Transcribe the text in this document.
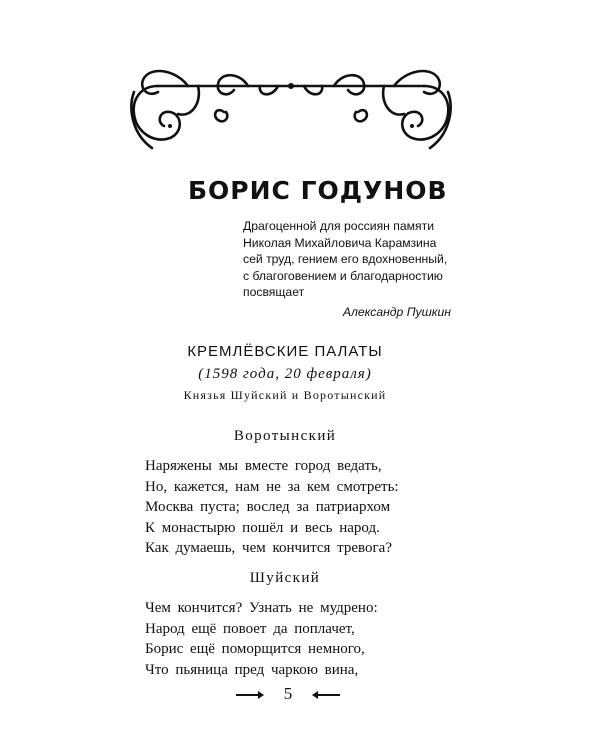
БОРИС ГОДУНОВ
Драгоценной для россиян памяти
Николая Михайловича Карамзина
сей труд, гением его вдохновенный,
с благоговением и благодарностию
посвящает
Александр Пушкин
КРЕМЛЁВСКИЕ ПАЛАТЫ
(1598 года, 20 февраля)
Князья Шуйский и Воротынский
Воротынский
Наряжены мы вместе город ведать,
Но, кажется, нам не за кем смотреть:
Москва пуста; вослед за патриархом
К монастырю пошёл и весь народ.
Как думаешь, чем кончится тревога?
Шуйский
Чем кончится? Узнать не мудрено:
Народ ещё повоет да поплачет,
Борис ещё поморщится немного,
Что пьяница пред чаркою вина,
5
